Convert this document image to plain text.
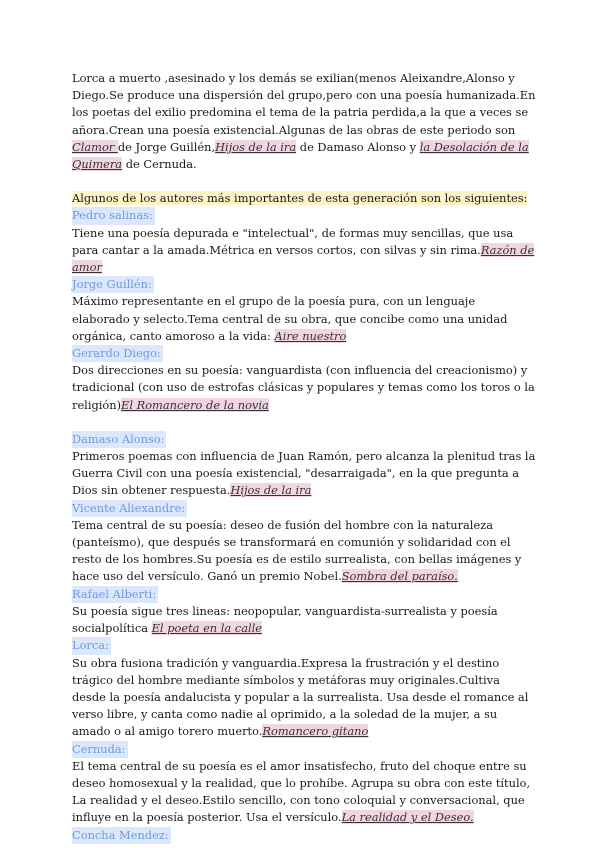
Lorca a muerto ,asesinado y los demás se exilian(menos Aleixandre,Alonso y Diego.Se produce una dispersión del grupo,pero con una poesía humanizada.En los poetas del exilio predomina el tema de la patria perdida,a la que a veces se añora.Crean una poesía existencial.Algunas de las obras de este periodo son Clamor de Jorge Guillén,Hijos de la ira de Damaso Alonso y la Desolación de la Quimera de Cernuda.

Algunos de los autores más importantes de esta generación son los siguientes:

Pedro salinas:

Tiene una poesía depurada e "intelectual", de formas muy sencillas, que usa para cantar a la amada.Métrica en versos cortos, con silvas y sin rima.Razón de amor

Jorge Guillén:

Máximo representante en el grupo de la poesía pura, con un lenguaje elaborado y selecto.Tema central de su obra, que concibe como una unidad orgánica, canto amoroso a la vida: Aire nuestro

Gerardo Diego:

Dos direcciones en su poesía: vanguardista (con influencia del creacionismo) y tradicional (con uso de estrofas clásicas y populares y temas como los toros o la religión)El Romancero de la novia

Damaso Alonso:

Primeros poemas con influencia de Juan Ramón, pero alcanza la plenitud tras la Guerra Civil con una poesía existencial, "desarraigada", en la que pregunta a Dios sin obtener respuesta.Hijos de la ira

Vicente Aliexandre:

Tema central de su poesía: deseo de fusión del hombre con la naturaleza (panteísmo), que después se transformará en comunión y solidaridad con el resto de los hombres.Su poesía es de estilo surrealista, con bellas imágenes y hace uso del versículo. Ganó un premio Nobel.Sombra del paraíso.

Rafael Alberti:

Su poesía sigue tres lineas: neopopular, vanguardista-surrealista y poesía socialpolítica El poeta en la calle

Lorca:

Su obra fusiona tradición y vanguardia.Expresa la frustración y el destino trágico del hombre mediante símbolos y metáforas muy originales.Cultiva desde la poesía andalucista y popular a la surrealista. Usa desde el romance al verso libre, y canta como nadie al oprimido, a la soledad de la mujer, a su amado o al amigo torero muerto.Romancero gitano

Cernuda:

El tema central de su poesía es el amor insatisfecho, fruto del choque entre su deseo homosexual y la realidad, que lo prohíbe. Agrupa su obra con este título, La realidad y el deseo.Estilo sencillo, con tono coloquial y conversacional, que influye en la poesía posterior. Usa el versículo.La realidad y el Deseo.

Concha Mendez:
